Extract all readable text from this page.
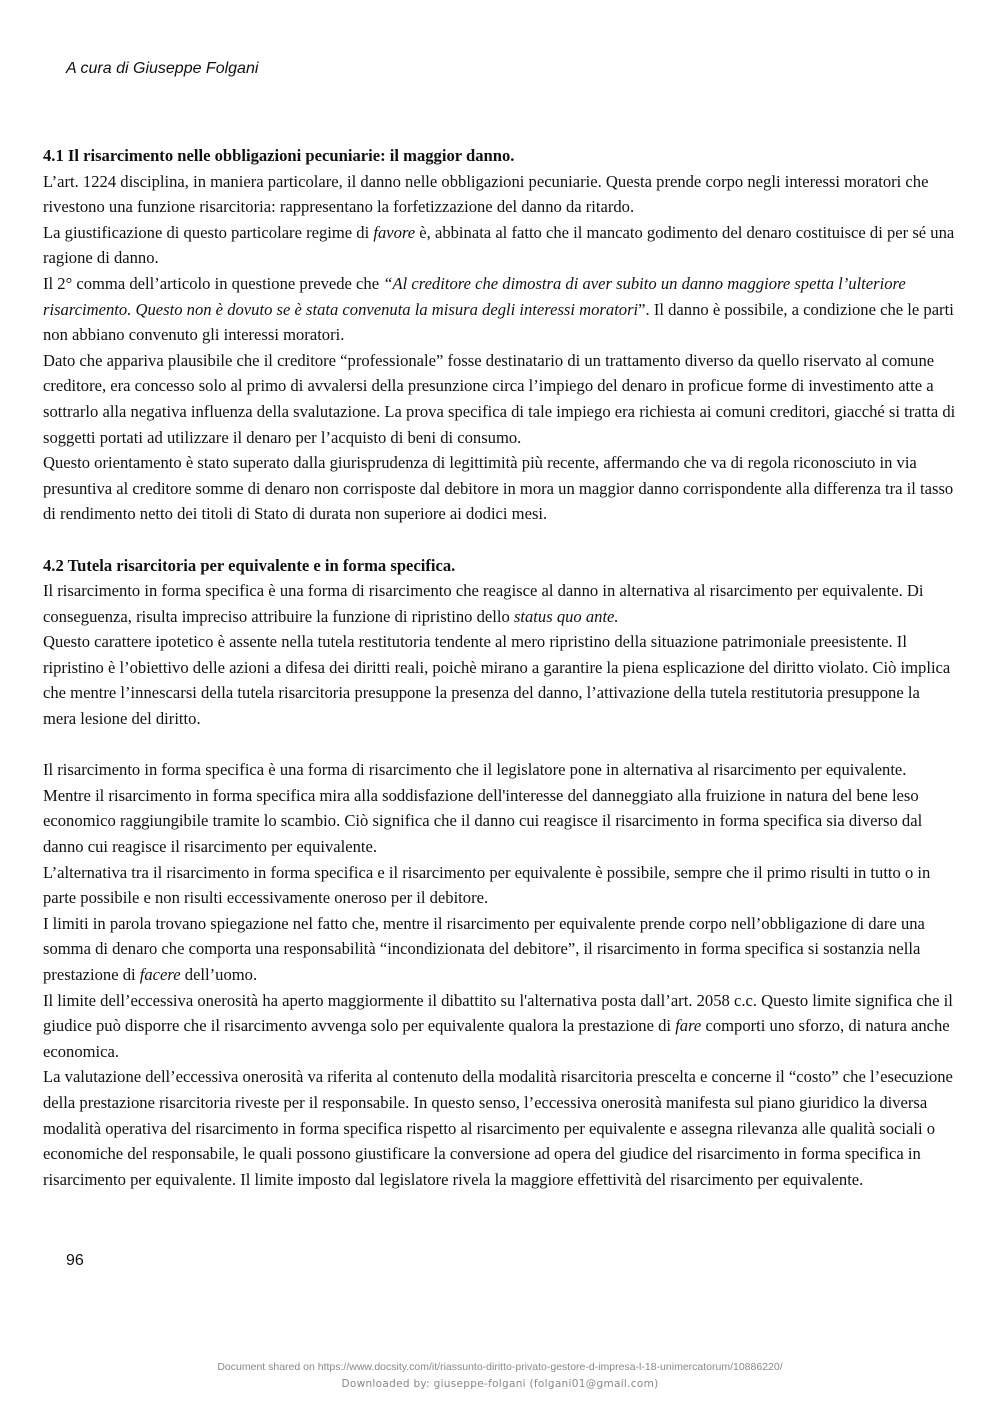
A cura di Giuseppe Folgani
4.1 Il risarcimento nelle obbligazioni pecuniarie: il maggior danno.

L’art. 1224 disciplina, in maniera particolare, il danno nelle obbligazioni pecuniarie. Questa prende corpo negli interessi moratori che rivestono una funzione risarcitoria: rappresentano la forfetizzazione del danno da ritardo.

La giustificazione di questo particolare regime di favore è, abbinata al fatto che il mancato godimento del denaro costituisce di per sé una ragione di danno.

Il 2° comma dell’articolo in questione prevede che “Al creditore che dimostra di aver subito un danno maggiore spetta l’ulteriore risarcimento. Questo non è dovuto se è stata convenuta la misura degli interessi moratori”. Il danno è possibile, a condizione che le parti non abbiano convenuto gli interessi moratori.

Dato che appariva plausibile che il creditore “professionale” fosse destinatario di un trattamento diverso da quello riservato al comune creditore, era concesso solo al primo di avvalersi della presunzione circa l’impiego del denaro in proficue forme di investimento atte a sottrarlo alla negativa influenza della svalutazione. La prova specifica di tale impiego era richiesta ai comuni creditori, giacché si tratta di soggetti portati ad utilizzare il denaro per l’acquisto di beni di consumo.

Questo orientamento è stato superato dalla giurisprudenza di legittimità più recente, affermando che va di regola riconosciuto in via presuntiva al creditore somme di denaro non corrisposte dal debitore in mora un maggior danno corrispondente alla differenza tra il tasso di rendimento netto dei titoli di Stato di durata non superiore ai dodici mesi.

4.2 Tutela risarcitoria per equivalente e in forma specifica.

Il risarcimento in forma specifica è una forma di risarcimento che reagisce al danno in alternativa al risarcimento per equivalente. Di conseguenza, risulta impreciso attribuire la funzione di ripristino dello status quo ante.

Questo carattere ipotetico è assente nella tutela restitutoria tendente al mero ripristino della situazione patrimoniale preesistente. Il ripristino è l’obiettivo delle azioni a difesa dei diritti reali, poichè mirano a garantire la piena esplicazione del diritto violato. Ciò implica che mentre l’innescarsi della tutela risarcitoria presuppone la presenza del danno, l’attivazione della tutela restitutoria presuppone la mera lesione del diritto.

Il risarcimento in forma specifica è una forma di risarcimento che il legislatore pone in alternativa al risarcimento per equivalente. Mentre il risarcimento in forma specifica mira alla soddisfazione dell'interesse del danneggiato alla fruizione in natura del bene leso economico raggiungibile tramite lo scambio. Ciò significa che il danno cui reagisce il risarcimento in forma specifica sia diverso dal danno cui reagisce il risarcimento per equivalente.

L’alternativa tra il risarcimento in forma specifica e il risarcimento per equivalente è possibile, sempre che il primo risulti in tutto o in parte possibile e non risulti eccessivamente oneroso per il debitore.

I limiti in parola trovano spiegazione nel fatto che, mentre il risarcimento per equivalente prende corpo nell’obbligazione di dare una somma di denaro che comporta una responsabilità “incondizionata del debitore”, il risarcimento in forma specifica si sostanzia nella prestazione di facere dell’uomo.

Il limite dell’eccessiva onerosità ha aperto maggiormente il dibattito su l'alternativa posta dall’art. 2058 c.c. Questo limite significa che il giudice può disporre che il risarcimento avvenga solo per equivalente qualora la prestazione di fare comporti uno sforzo, di natura anche economica.

La valutazione dell’eccessiva onerosità va riferita al contenuto della modalità risarcitoria prescelta e concerne il “costo” che l’esecuzione della prestazione risarcitoria riveste per il responsabile. In questo senso, l’eccessiva onerosità manifesta sul piano giuridico la diversa modalità operativa del risarcimento in forma specifica rispetto al risarcimento per equivalente e assegna rilevanza alle qualità sociali o economiche del responsabile, le quali possono giustificare la conversione ad opera del giudice del risarcimento in forma specifica in risarcimento per equivalente. Il limite imposto dal legislatore rivela la maggiore effettività del risarcimento per equivalente.

96
Document shared on https://www.docsity.com/it/riassunto-diritto-privato-gestore-d-impresa-l-18-unimercatorum/10886220/
Downloaded by: giuseppe-folgani (folgani01@gmail.com)
